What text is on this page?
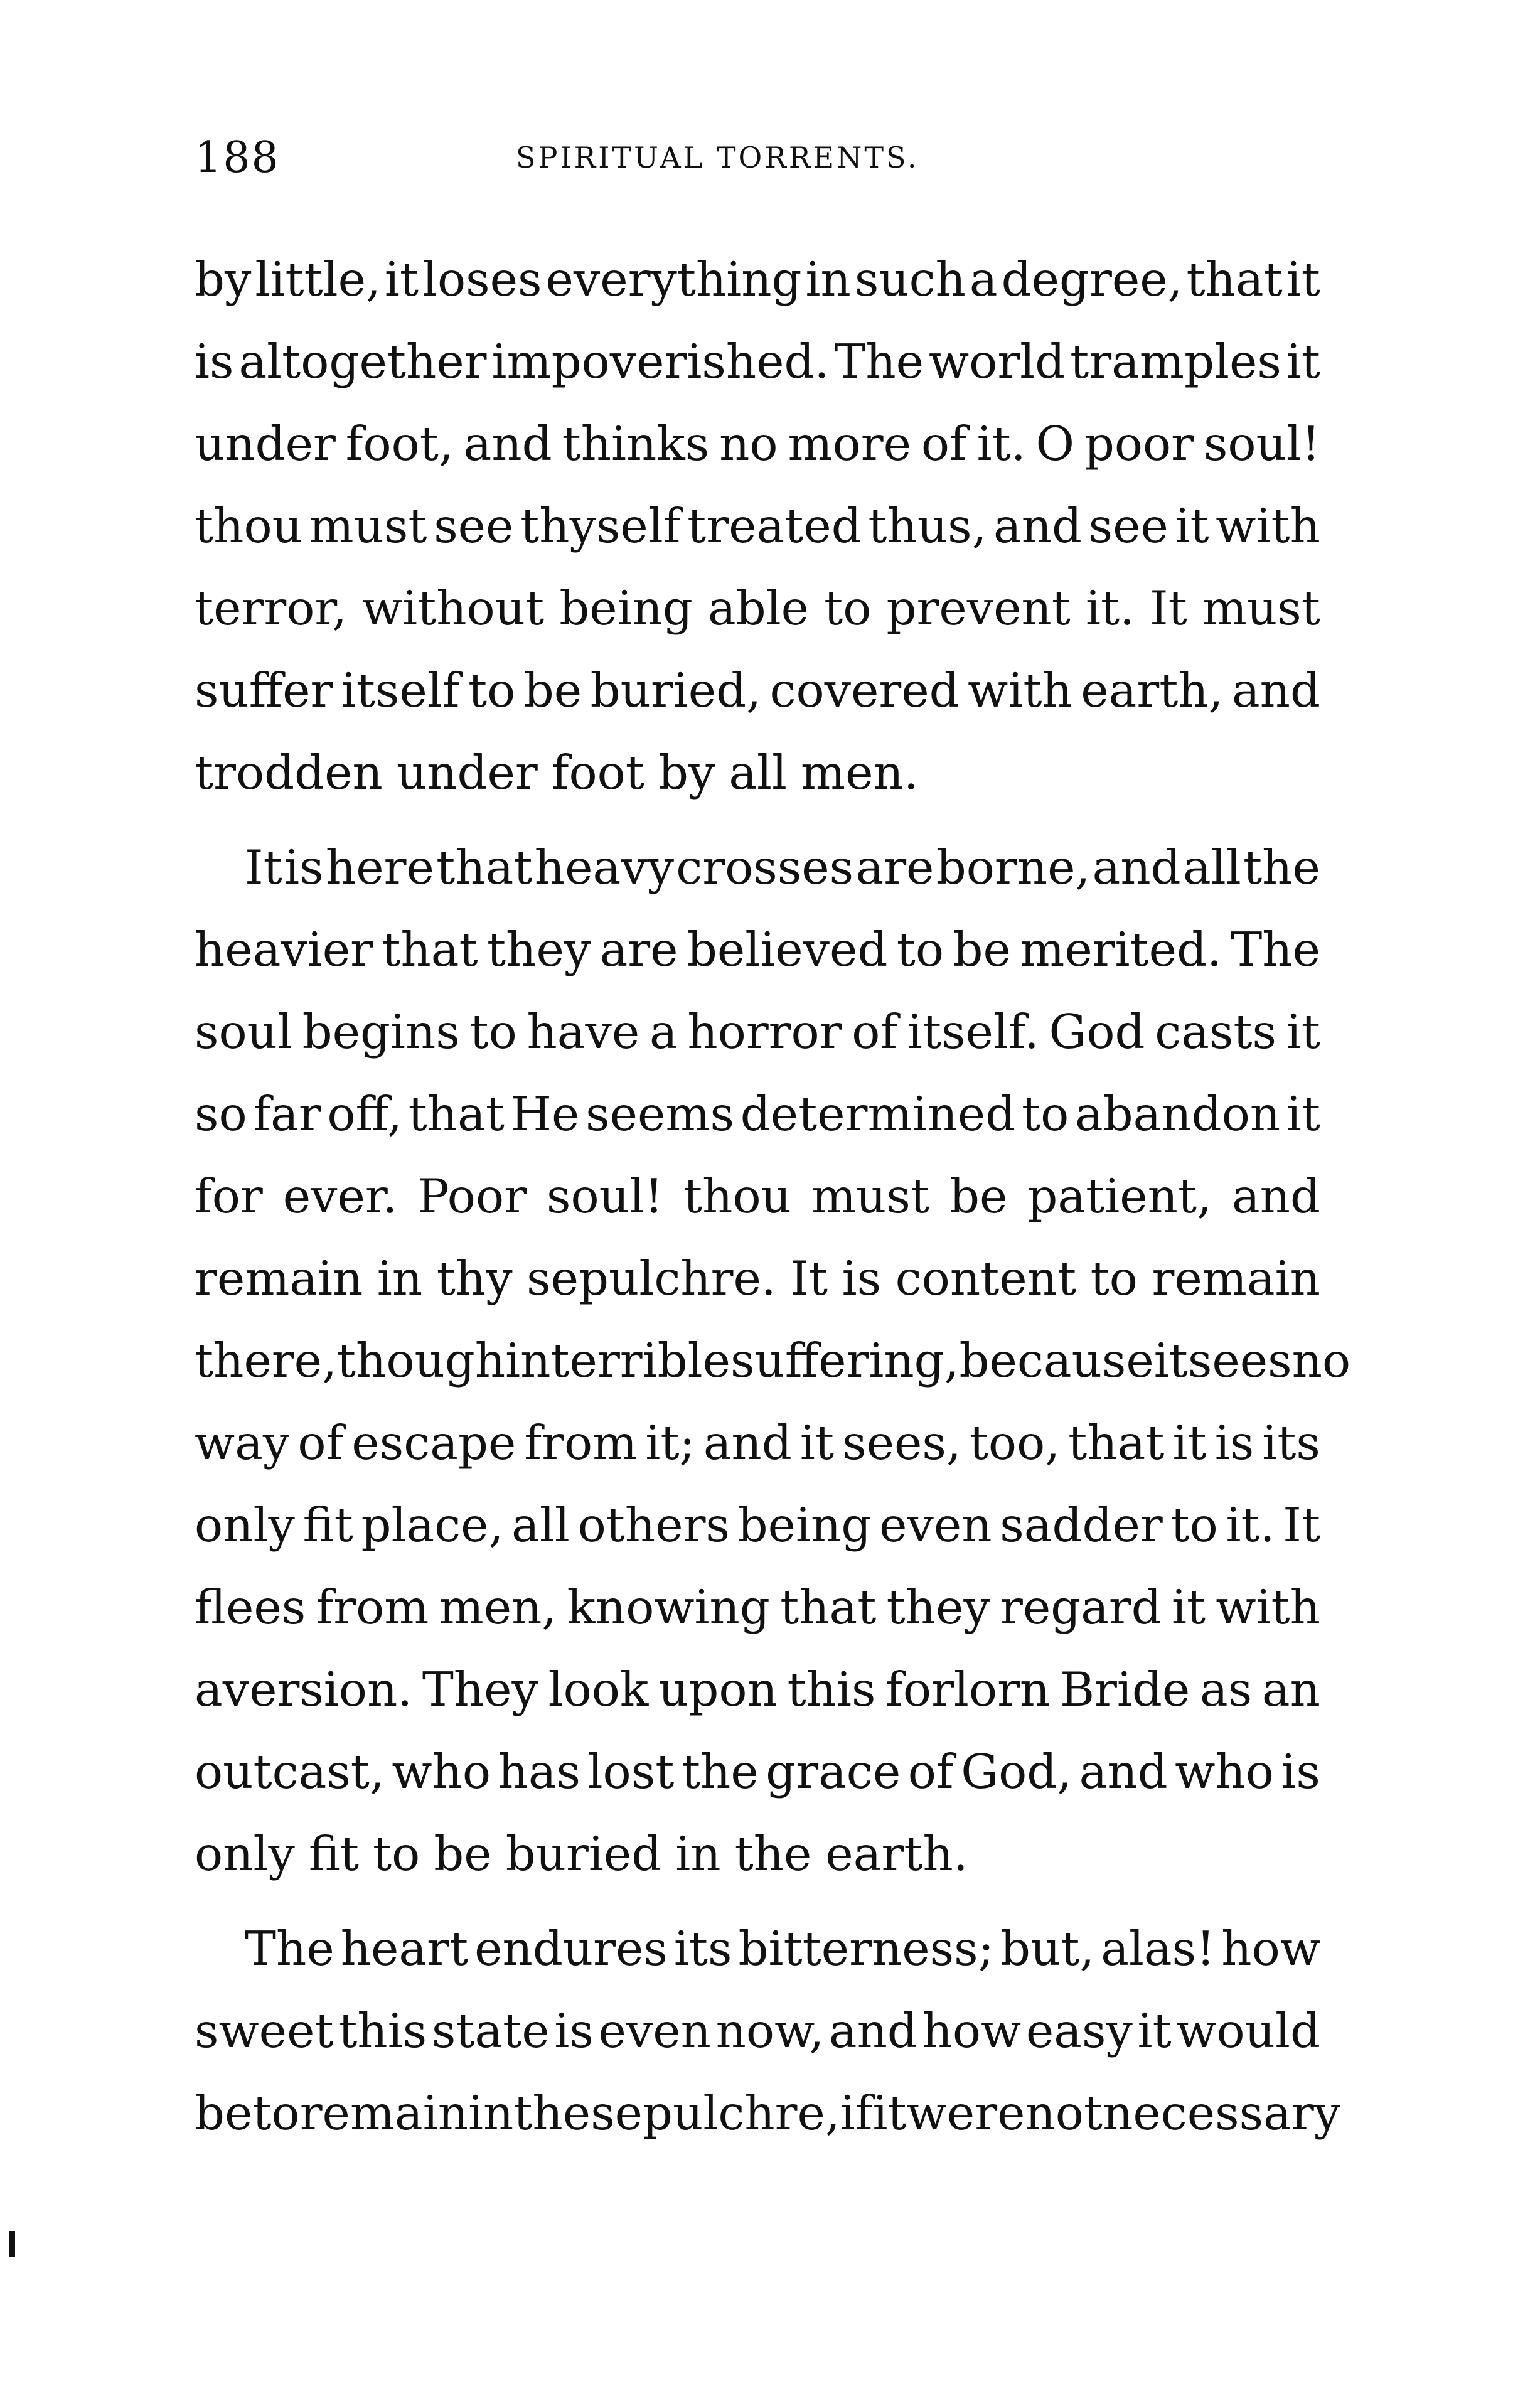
188	SPIRITUAL TORRENTS.

by little, it loses everything in such a degree, that it
is altogether impoverished. The world tramples it
under foot, and thinks no more of it. O poor soul!
thou must see thyself treated thus, and see it with
terror, without being able to prevent it. It must
suffer itself to be buried, covered with earth, and
trodden under foot by all men.

It is here that heavy crosses are borne, and all the
heavier that they are believed to be merited. The
soul begins to have a horror of itself. God casts it
so far off, that He seems determined to abandon it
for ever. Poor soul! thou must be patient, and
remain in thy sepulchre. It is content to remain
there, though in terrible suffering, because it sees no
way of escape from it; and it sees, too, that it is its
only fit place, all others being even sadder to it. It
flees from men, knowing that they regard it with
aversion. They look upon this forlorn Bride as an
outcast, who has lost the grace of God, and who is
only fit to be buried in the earth.

The heart endures its bitterness; but, alas! how
sweet this state is even now, and how easy it would
be to remain in the sepulchre, if it were not necessary
